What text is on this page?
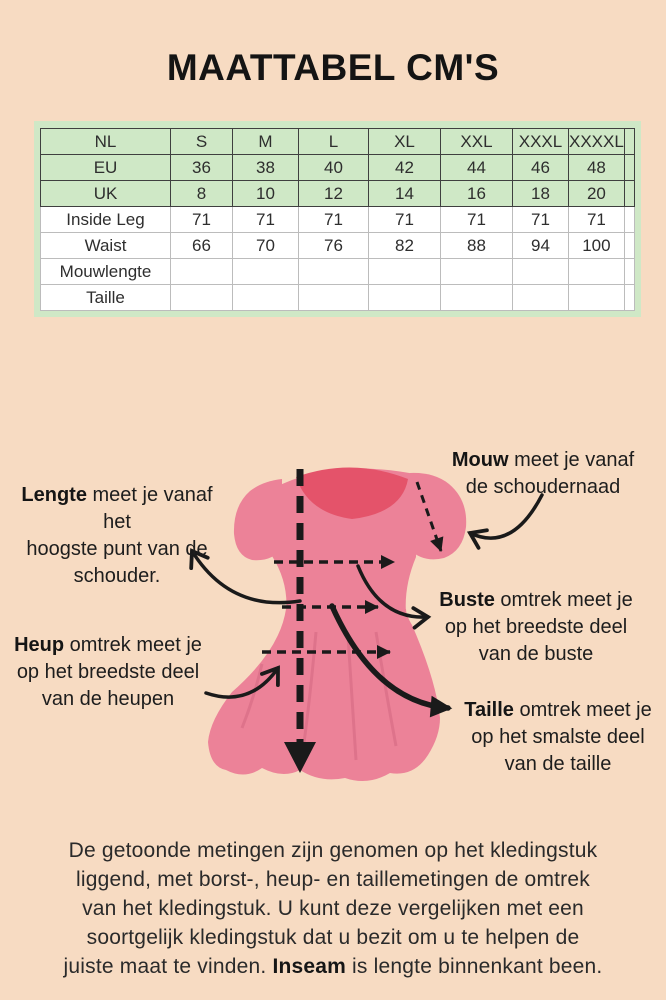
MAATTABEL CM'S
NL	S	M	L	XL	XXL	XXXL	XXXXL	
EU	36	38	40	42	44	46	48	
UK	8	10	12	14	16	18	20	
Inside Leg	71	71	71	71	71	71	71	
Waist	66	70	76	82	88	94	100	
Mouwlengte								
Taille								
Lengte meet je vanaf het
hoogste punt van de
schouder.
Mouw meet je vanaf
de schoudernaad
Buste omtrek meet je
op het breedste deel
van de buste
Heup omtrek meet je
op het breedste deel
van de heupen	Taille omtrek meet je
op het smalste deel
van de taille
De getoonde metingen zijn genomen op het kledingstuk
liggend, met borst-, heup- en taillemetingen de omtrek
van het kledingstuk. U kunt deze vergelijken met een
soortgelijk kledingstuk dat u bezit om u te helpen de
juiste maat te vinden. Inseam is lengte binnenkant been.
